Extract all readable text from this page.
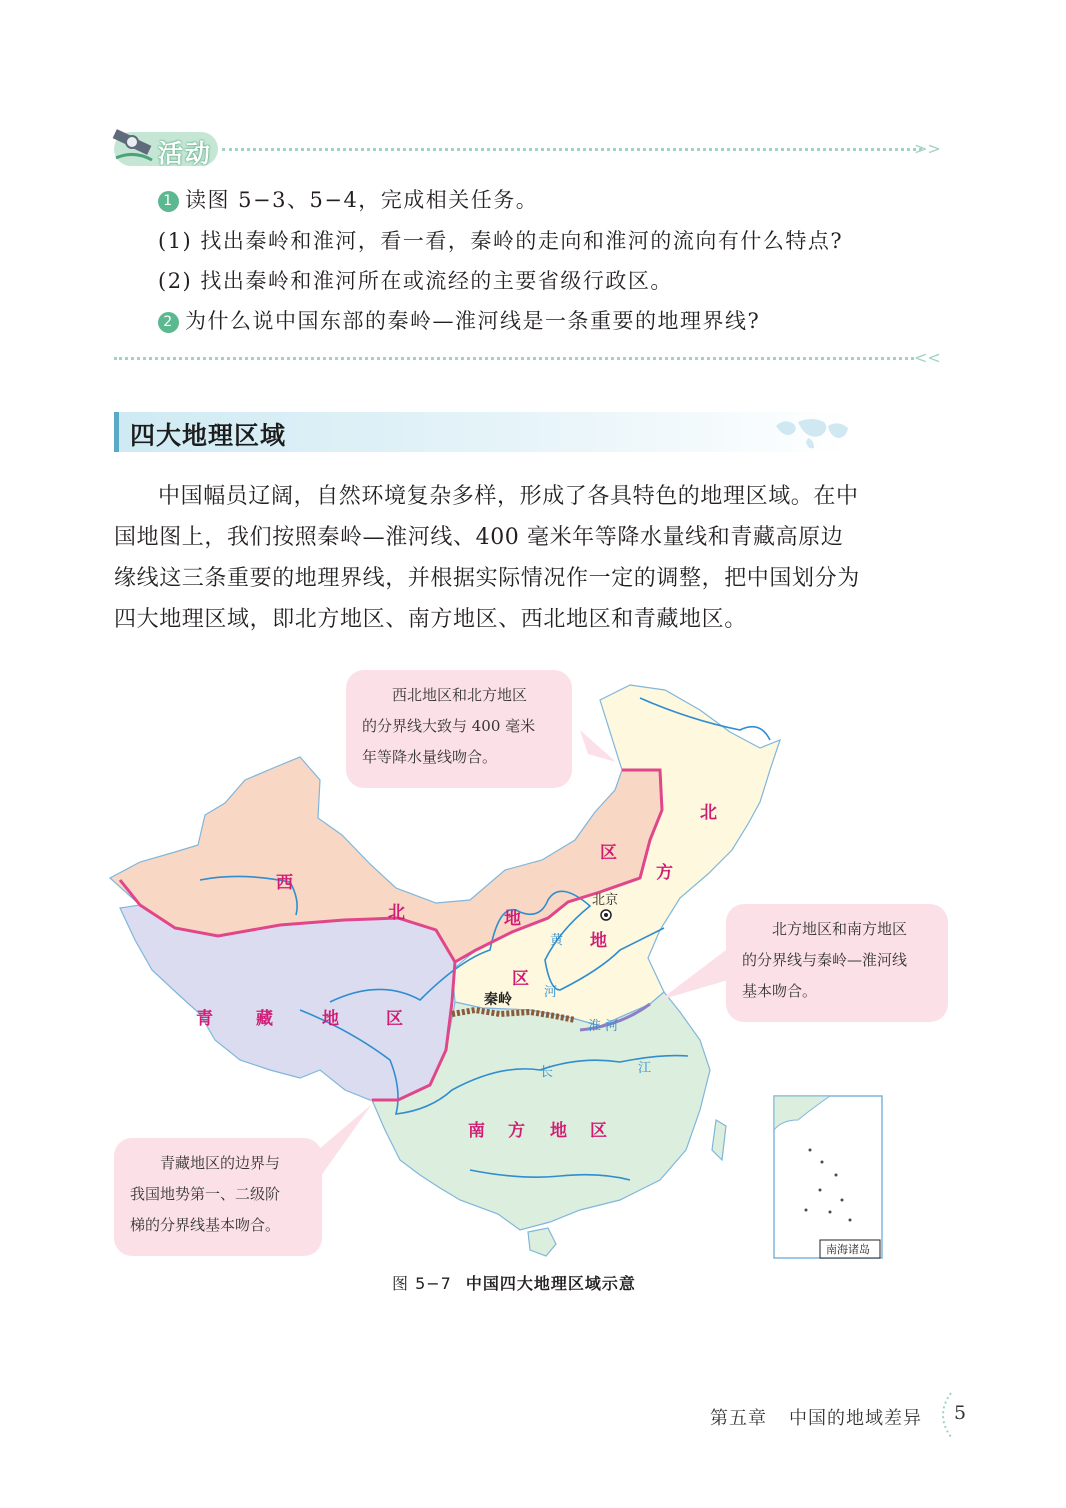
活动	>>
1 读图 5−3、5−4，完成相关任务。
(1) 找出秦岭和淮河，看一看，秦岭的走向和淮河的流向有什么特点?
(2) 找出秦岭和淮河所在或流经的主要省级行政区。
2 为什么说中国东部的秦岭—淮河线是一条重要的地理界线?
<<
四大地理区域

中国幅员辽阔，自然环境复杂多样，形成了各具特色的地理区域。在中国地图上，我们按照秦岭—淮河线、400 毫米年等降水量线和青藏高原边缘线这三条重要的地理界线，并根据实际情况作一定的调整，把中国划分为四大地理区域，即北方地区、南方地区、西北地区和青藏地区。

西
北	地
区
北
方
地
区
青	藏	地	区
南 方 地 区
黄
河
淮 河
长	江
北京
秦岭
南海诸岛
西北地区和北方地区
的分界线大致与 400 毫米
年等降水量线吻合。
北方地区和南方地区
的分界线与秦岭—淮河线
基本吻合。
青藏地区的边界与
我国地势第一、二级阶
梯的分界线基本吻合。
图 5−7 中国四大地理区域示意
第五章 中国的地域差异	5
